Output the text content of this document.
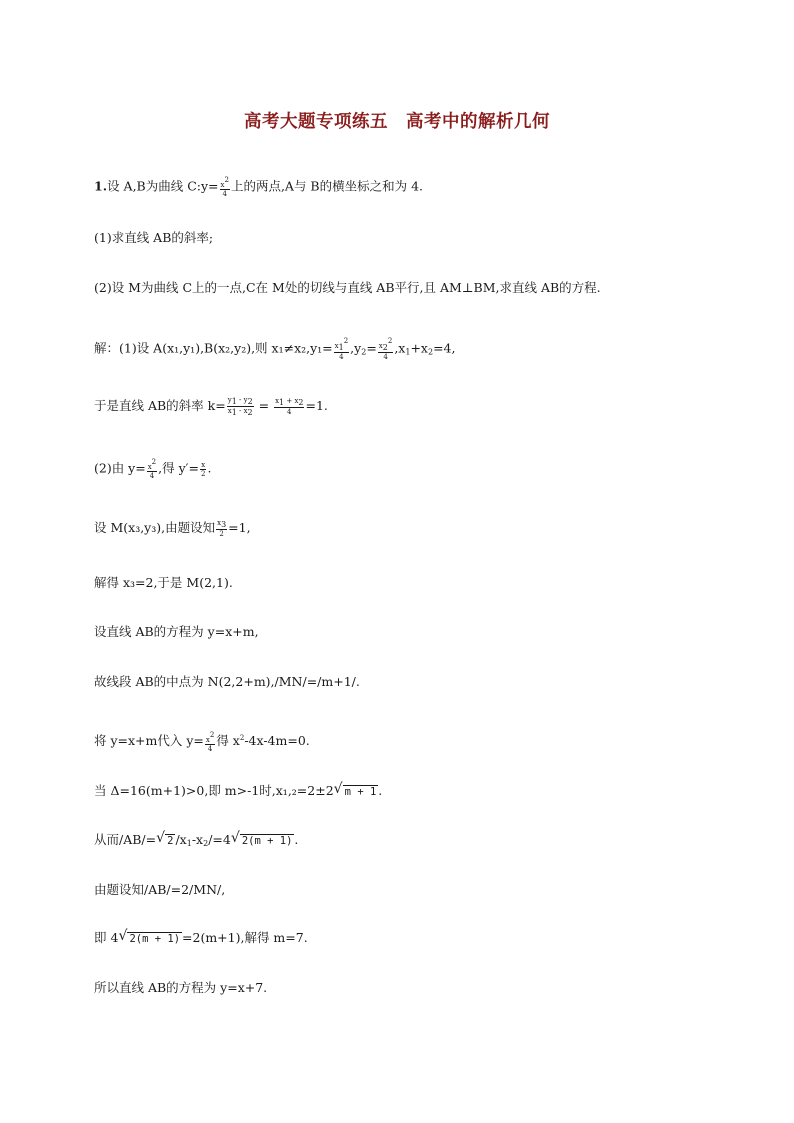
高考大题专项练五　高考中的解析几何
1.设 A,B为曲线 C:y= $\frac{x^2}{4}$ 上的两点,A与 B的横坐标之和为 4.
(1)求直线 AB的斜率;
(2)设 M为曲线 C上的一点,C在 M处的切线与直线 AB平行,且 AM⊥BM,求直线 AB的方程.
解：(1)设 A(x₁,y₁),B(x₂,y₂),则 $x_1\ne x_2,y_1= \frac{x_1^2}{4} ,y_2= \frac{x_2^2}{4} ,x_1+x_2=4$,
于是直线 AB的斜率 $k= \frac{y_1 - y_2}{x_1 - x_2} = \frac{x_1 + x_2}{4} =1$.
(2)由 $y= \frac{x^2}{4}$ ,得 $y'= \frac{x}{2}$ .
设 M(x₃,y₃),由题设知 $\frac{x_3}{2} =1$,
解得 x₃=2,于是 M(2,1).
设直线 AB的方程为 y=x+m,
故线段 AB的中点为 N(2,2+m),/MN/=/m+1/.
将 y=x+m代入 $y= \frac{x^2}{4}$ 得 $x^2-4x-4m=0$.
当 Δ=16(m+1)>0,即 m>-1时,x₁,₂=2±2 √ m + 1 .
从而/AB/= √ 2 $/x_1-x_2/=4$ √ 2(m + 1) .
由题设知/AB/=2/MN/,
即 4 √ 2(m + 1) =2(m+1),解得 m=7.
所以直线 AB的方程为 y=x+7.
